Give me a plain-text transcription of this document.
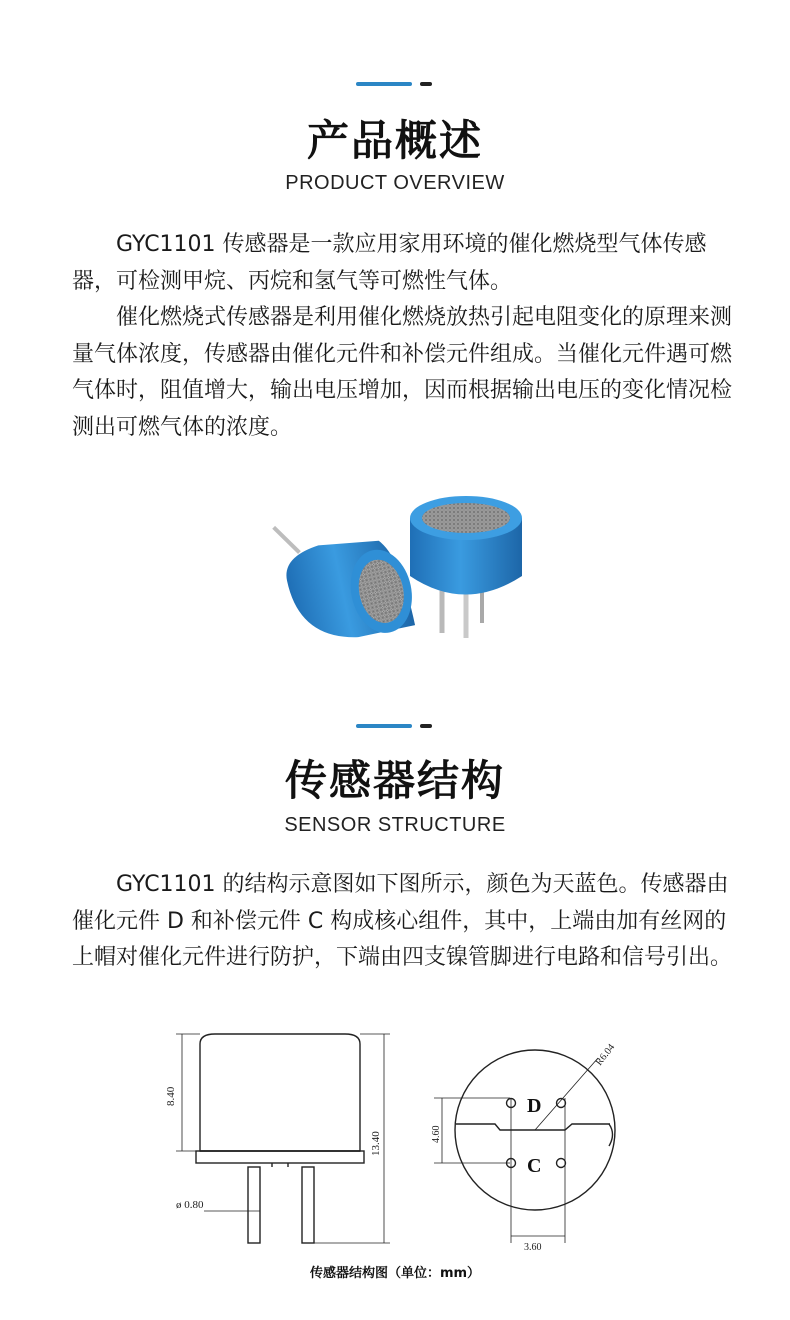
产品概述
PRODUCT OVERVIEW

GYC1101 传感器是一款应用家用环境的催化燃烧型气体传感器，可检测甲烷、丙烷和氢气等可燃性气体。

催化燃烧式传感器是利用催化燃烧放热引起电阻变化的原理来测量气体浓度，传感器由催化元件和补偿元件组成。当催化元件遇可燃气体时，阻值增大，输出电压增加，因而根据输出电压的变化情况检测出可燃气体的浓度。

传感器结构
SENSOR STRUCTURE

GYC1101 的结构示意图如下图所示，颜色为天蓝色。传感器由催化元件 D 和补偿元件 C 构成核心组件，其中，上端由加有丝网的上帽对催化元件进行防护，下端由四支镍管脚进行电路和信号引出。

8.40
13.40
ø 0.80
D
C
R6.04
4.60
3.60
传感器结构图（单位：mm）
